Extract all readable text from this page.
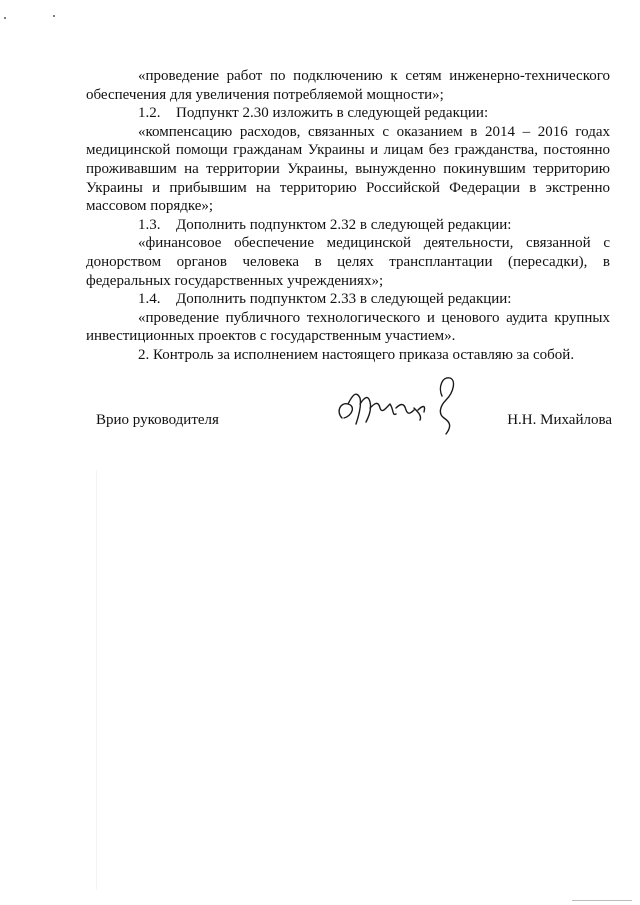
«проведение работ по подключению к сетям инженерно-технического обеспечения для увеличения потребляемой мощности»;

1.2. Подпункт 2.30 изложить в следующей редакции:

«компенсацию расходов, связанных с оказанием в 2014 – 2016 годах медицинской помощи гражданам Украины и лицам без гражданства, постоянно проживавшим на территории Украины, вынужденно покинувшим территорию Украины и прибывшим на территорию Российской Федерации в экстренно массовом порядке»;

1.3. Дополнить подпунктом 2.32 в следующей редакции:

«финансовое обеспечение медицинской деятельности, связанной с донорством органов человека в целях трансплантации (пересадки), в федеральных государственных учреждениях»;

1.4. Дополнить подпунктом 2.33 в следующей редакции:

«проведение публичного технологического и ценового аудита крупных инвестиционных проектов с государственным участием».

2. Контроль за исполнением настоящего приказа оставляю за собой.

Врио руководителя	Н.Н. Михайлова
